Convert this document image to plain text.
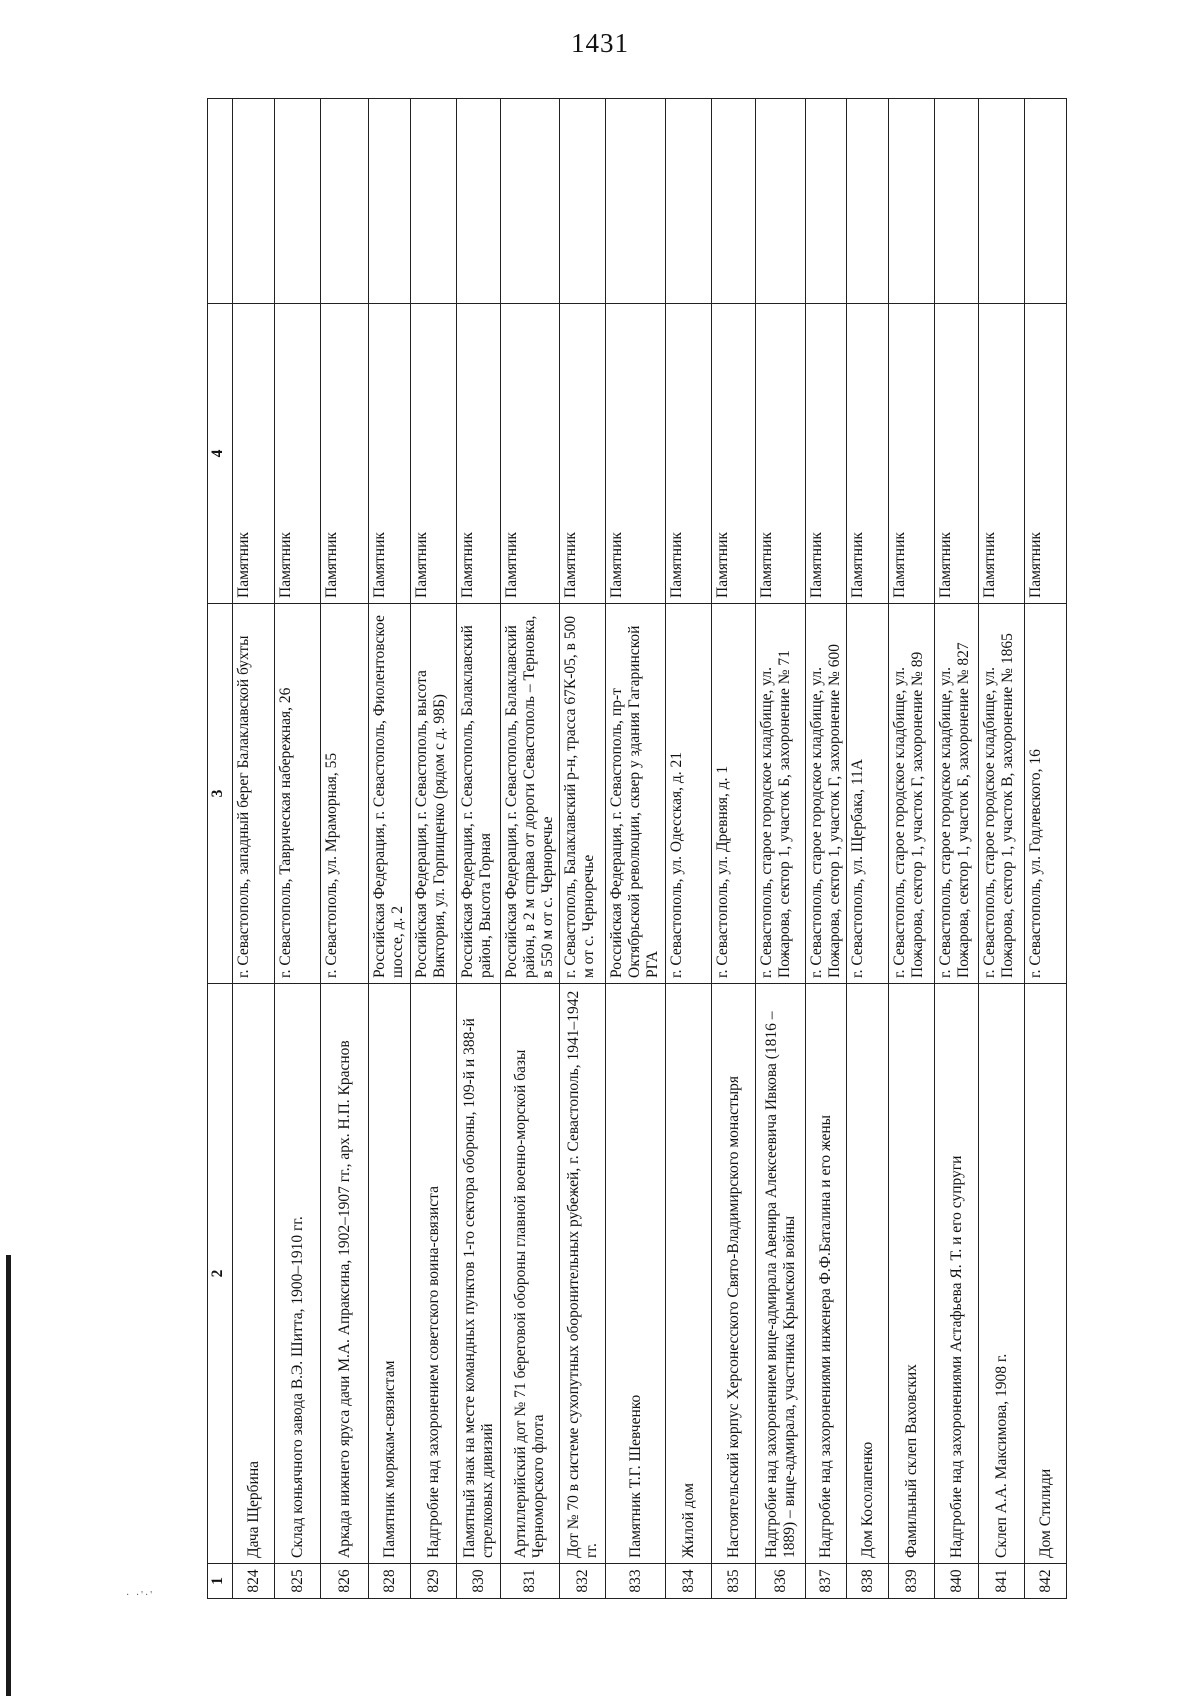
1431
· ·'·'
1	2	3	4	
824	Дача Щербина	г. Севастополь, западный берег Балаклавской бухты	Памятник	
825	Склад коньячного завода В.Э. Шитта, 1900–1910 гг.	г. Севастополь, Таврическая набережная, 26	Памятник	
826	Аркада нижнего яруса дачи М.А. Апраксина, 1902–1907 гг., арх. Н.П. Краснов	г. Севастополь, ул. Мраморная, 55	Памятник	
828	Памятник морякам-связистам	Российская Федерация, г. Севастополь, Фиолентовское шоссе, д. 2	Памятник	
829	Надгробие над захоронением советского воина-связиста	Российская Федерация, г. Севастополь, высота Виктория, ул. Горпищенко (рядом с д. 98Б)	Памятник	
830	Памятный знак на месте командных пунктов 1-го сектора обороны, 109-й и 388-й стрелковых дивизий	Российская Федерация, г. Севастополь, Балаклавский район, Высота Горная	Памятник	
831	Артиллерийский дот № 71 береговой обороны главной военно-морской базы Черноморского флота	Российская Федерация, г. Севастополь, Балаклавский район, в 2 м справа от дороги Севастополь – Терновка, в 550 м от с. Черноречье	Памятник	
832	Дот № 70 в системе сухопутных оборонительных рубежей, г. Севастополь, 1941–1942 гг.	г. Севастополь, Балаклавский р-н, трасса 67К-05, в 500 м от с. Черноречье	Памятник	
833	Памятник Т.Г. Шевченко	Российская Федерация, г. Севастополь, пр-т Октябрьской революции, сквер у здания Гагаринской РГА	Памятник	
834	Жилой дом	г. Севастополь, ул. Одесская, д. 21	Памятник	
835	Настоятельский корпус Херсонесского Свято-Владимирского монастыря	г. Севастополь, ул. Древняя, д. 1	Памятник	
836	Надгробие над захоронением вице-адмирала Авенира Алексеевича Ивкова (1816 – 1889) – вице-адмирала, участника Крымской войны	г. Севастополь, старое городское кладбище, ул. Пожарова, сектор 1, участок Б, захоронение № 71	Памятник	
837	Надгробие над захоронениями инженера Ф.Ф.Баталина и его жены	г. Севастополь, старое городское кладбище, ул. Пожарова, сектор 1, участок Г, захоронение № 600	Памятник	
838	Дом Косолапенко	г. Севастополь, ул. Щербака, 11А	Памятник	
839	Фамильный склеп Ваховских	г. Севастополь, старое городское кладбище, ул. Пожарова, сектор 1, участок Г, захоронение № 89	Памятник	
840	Надгробие над захоронениями Астафьева Я. Т. и его супруги	г. Севастополь, старое городское кладбище, ул. Пожарова, сектор 1, участок Б, захоронение № 827	Памятник	
841	Склеп А.А. Максимова, 1908 г.	г. Севастополь, старое городское кладбище, ул. Пожарова, сектор 1, участок В, захоронение № 1865	Памятник	
842	Дом Стилиди	г. Севастополь, ул. Годлевского, 16	Памятник	
